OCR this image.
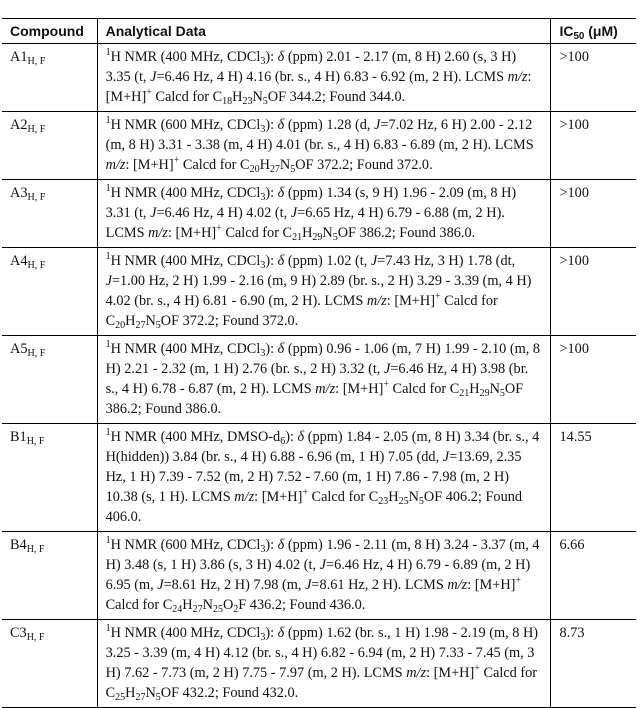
Compound	Analytical Data	$IC_{50}$ (μM)
$A1_{H, F}$	$^1$H NMR (400 MHz, CDCl$_3$): δ (ppm) 2.01 - 2.17 (m, 8 H) 2.60 (s, 3 H) 3.35 (t, J=6.46 Hz, 4 H) 4.16 (br. s., 4 H) 6.83 - 6.92 (m, 2 H). LCMS m/z: [M+H]+ Calcd for $C_{18}H_{23}N_5OF$ 344.2; Found 344.0.	>100
$A2_{H, F}$	$^1$H NMR (600 MHz, CDCl$_3$): δ (ppm) 1.28 (d, J=7.02 Hz, 6 H) 2.00 - 2.12 (m, 8 H) 3.31 - 3.38 (m, 4 H) 4.01 (br. s., 4 H) 6.83 - 6.89 (m, 2 H). LCMS m/z: [M+H]+ Calcd for $C_{20}H_{27}N_5OF$ 372.2; Found 372.0.	>100
$A3_{H, F}$	$^1$H NMR (400 MHz, CDCl$_3$): δ (ppm) 1.34 (s, 9 H) 1.96 - 2.09 (m, 8 H) 3.31 (t, J=6.46 Hz, 4 H) 4.02 (t, J=6.65 Hz, 4 H) 6.79 - 6.88 (m, 2 H). LCMS m/z: [M+H]+ Calcd for $C_{21}H_{29}N_5OF$ 386.2; Found 386.0.	>100
$A4_{H, F}$	$^1$H NMR (400 MHz, CDCl$_3$): δ (ppm) 1.02 (t, J=7.43 Hz, 3 H) 1.78 (dt, J=1.00 Hz, 2 H) 1.99 - 2.16 (m, 9 H) 2.89 (br. s., 2 H) 3.29 - 3.39 (m, 4 H) 4.02 (br. s., 4 H) 6.81 - 6.90 (m, 2 H). LCMS m/z: [M+H]+ Calcd for $C_{20}H_{27}N_5OF$ 372.2; Found 372.0.	>100
$A5_{H, F}$	$^1$H NMR (400 MHz, CDCl$_3$): δ (ppm) 0.96 - 1.06 (m, 7 H) 1.99 - 2.10 (m, 8 H) 2.21 - 2.32 (m, 1 H) 2.76 (br. s., 2 H) 3.32 (t, J=6.46 Hz, 4 H) 3.98 (br. s., 4 H) 6.78 - 6.87 (m, 2 H). LCMS m/z: [M+H]+ Calcd for $C_{21}H_{29}N_5OF$ 386.2; Found 386.0.	>100
$B1_{H, F}$	$^1$H NMR (400 MHz, DMSO-$d_6$): δ (ppm) 1.84 - 2.05 (m, 8 H) 3.34 (br. s., 4 H(hidden)) 3.84 (br. s., 4 H) 6.88 - 6.96 (m, 1 H) 7.05 (dd, J=13.69, 2.35 Hz, 1 H) 7.39 - 7.52 (m, 2 H) 7.52 - 7.60 (m, 1 H) 7.86 - 7.98 (m, 2 H) 10.38 (s, 1 H). LCMS m/z: [M+H]+ Calcd for $C_{23}H_{25}N_5OF$ 406.2; Found 406.0.	14.55
$B4_{H, F}$	$^1$H NMR (600 MHz, CDCl$_3$): δ (ppm) 1.96 - 2.11 (m, 8 H) 3.24 - 3.37 (m, 4 H) 3.48 (s, 1 H) 3.86 (s, 3 H) 4.02 (t, J=6.46 Hz, 4 H) 6.79 - 6.89 (m, 2 H) 6.95 (m, J=8.61 Hz, 2 H) 7.98 (m, J=8.61 Hz, 2 H). LCMS m/z: [M+H]+ Calcd for $C_{24}H_{27}N_{25}O_2F$ 436.2; Found 436.0.	6.66
$C3_{H, F}$	$^1$H NMR (400 MHz, CDCl$_3$): δ (ppm) 1.62 (br. s., 1 H) 1.98 - 2.19 (m, 8 H) 3.25 - 3.39 (m, 4 H) 4.12 (br. s., 4 H) 6.82 - 6.94 (m, 2 H) 7.33 - 7.45 (m, 3 H) 7.62 - 7.73 (m, 2 H) 7.75 - 7.97 (m, 2 H). LCMS m/z: [M+H]+ Calcd for $C_{25}H_{27}N_5OF$ 432.2; Found 432.0.	8.73
